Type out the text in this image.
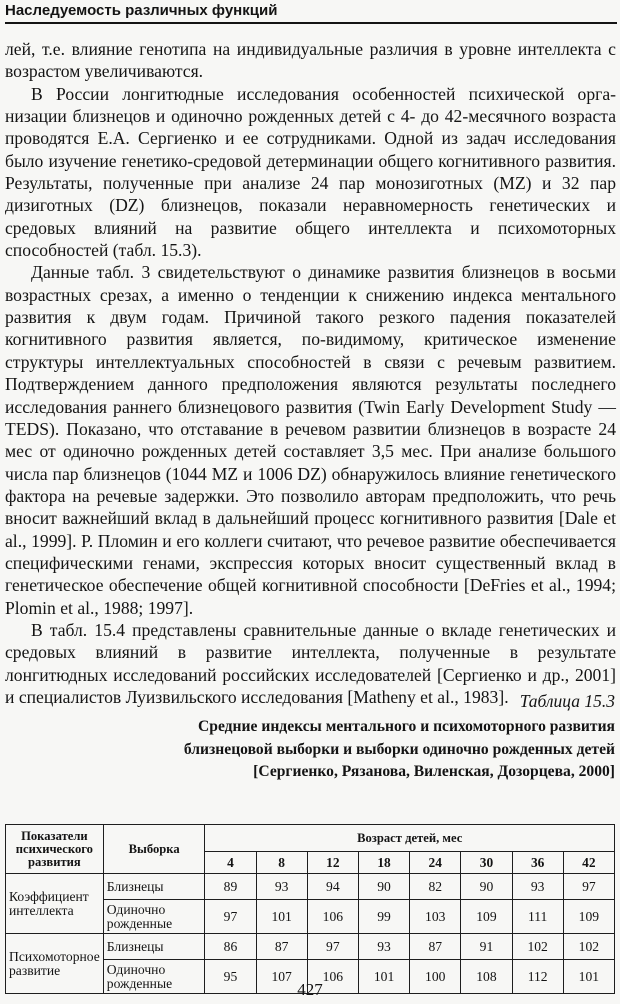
Наследуемость различных функций

лей, т.е. влияние генотипа на индивидуальные различия в уровне интеллекта с возрастом увеличиваются.

В России лонгитюдные исследования особенностей психической организации близнецов и одиночно рожденных детей с 4- до 42-месячного возраста проводятся Е.А. Сергиенко и ее сотрудниками. Одной из задач исследования было изучение генетико-средовой детерминации общего когнитивного развития. Результаты, полученные при анализе 24 пар монозиготных (MZ) и 32 пар дизиготных (DZ) близнецов, показали неравномерность генетических и средовых влияний на развитие общего интеллекта и психомоторных способностей (табл. 15.3).

Данные табл. 3 свидетельствуют о динамике развития близнецов в восьми возрастных срезах, а именно о тенденции к снижению индекса ментального развития к двум годам. Причиной такого резкого падения показателей когнитивного развития является, по-видимому, критическое изменение структуры интеллектуальных способностей в связи с речевым развитием. Подтверждением данного предположения являются результаты последнего исследования раннего близнецового развития (Twin Early Development Study — TEDS). Показано, что отставание в речевом развитии близнецов в возрасте 24 мес от одиночно рожденных детей составляет 3,5 мес. При анализе большого числа пар близнецов (1044 MZ и 1006 DZ) обнаружилось влияние генетического фактора на речевые задержки. Это позволило авторам предположить, что речь вносит важнейший вклад в дальнейший процесс когнитивного развития [Dale et al., 1999]. Р. Пломин и его коллеги считают, что речевое развитие обеспечивается специфическими генами, экспрессия которых вносит существенный вклад в генетическое обеспечение общей когнитивной способности [DeFries et al., 1994; Plomin et al., 1988; 1997].

В табл. 15.4 представлены сравнительные данные о вкладе генетических и средовых влияний в развитие интеллекта, полученные в результате лонгитюдных исследований российских исследователей [Сергиенко и др., 2001] и специалистов Луизвильского исследования [Matheny et al., 1983]. Таблица 15.3
Средние индексы ментального и психомоторного развития
близнецовой выборки и выборки одиночно рожденных детей
[Сергиенко, Рязанова, Виленская, Дозорцева, 2000]
Показатели психического развития	Выборка	Возраст детей, мес							
		4	8	12	18	24	30	36	42
Коэффициент интеллекта	Близнецы	89	93	94	90	82	90	93	97
	Одиночно рожденные	97	101	106	99	103	109	111	109
Психомоторное развитие	Близнецы	86	87	97	93	87	91	102	102
	Одиночно рожденные	95	107	106	101	100	108	112	101
427
